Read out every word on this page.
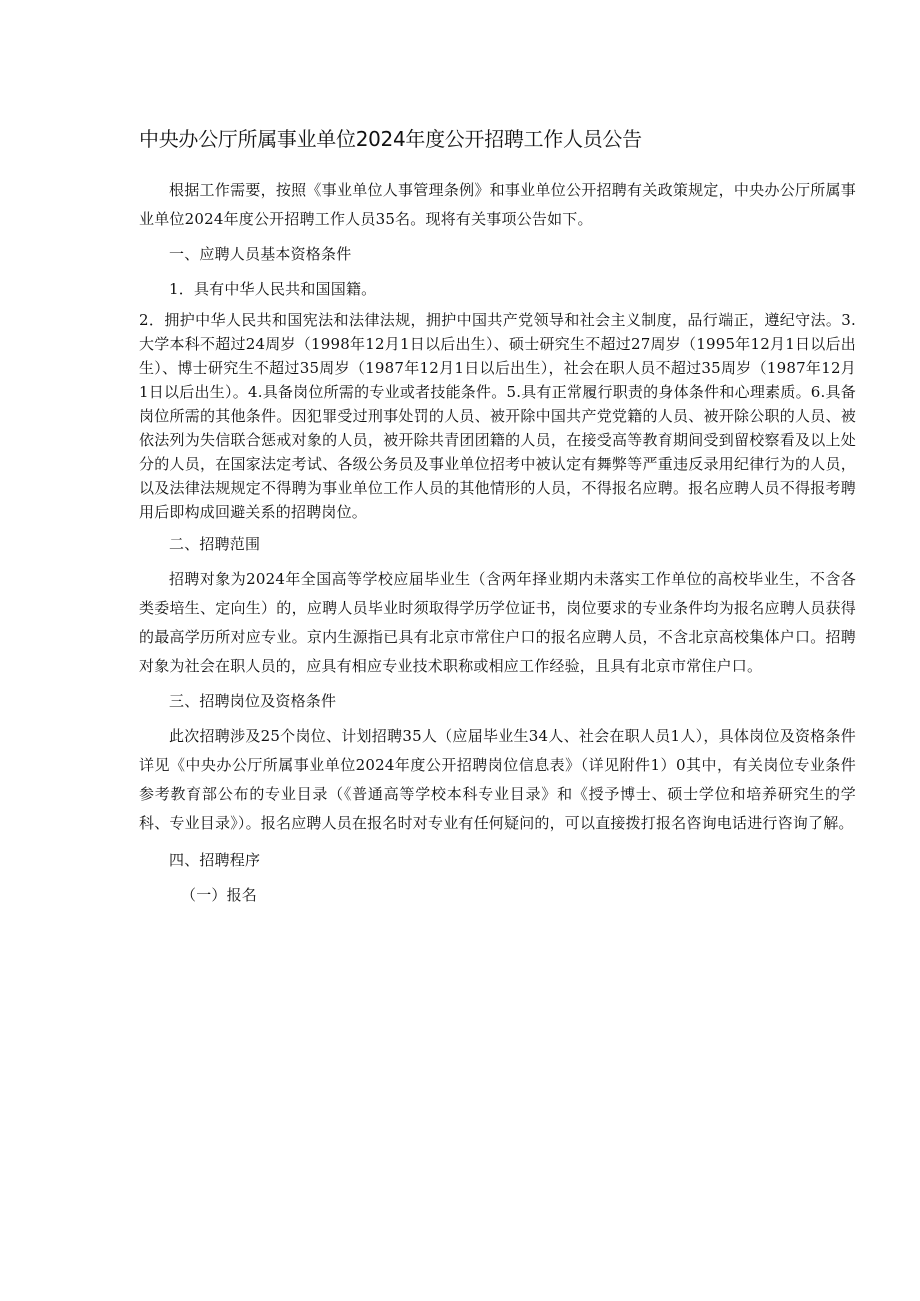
中央办公厅所属事业单位2024年度公开招聘工作人员公告

根据工作需要，按照《事业单位人事管理条例》和事业单位公开招聘有关政策规定，中央办公厅所属事业单位2024年度公开招聘工作人员35名。现将有关事项公告如下。

一、应聘人员基本资格条件

1．具有中华人民共和国国籍。

2．拥护中华人民共和国宪法和法律法规，拥护中国共产党领导和社会主义制度，品行端正，遵纪守法。3.大学本科不超过24周岁（1998年12月1日以后出生）、硕士研究生不超过27周岁（1995年12月1日以后出生）、博士研究生不超过35周岁（1987年12月1日以后出生），社会在职人员不超过35周岁（1987年12月1日以后出生）。4.具备岗位所需的专业或者技能条件。5.具有正常履行职责的身体条件和心理素质。6.具备岗位所需的其他条件。因犯罪受过刑事处罚的人员、被开除中国共产党党籍的人员、被开除公职的人员、被依法列为失信联合惩戒对象的人员，被开除共青团团籍的人员，在接受高等教育期间受到留校察看及以上处分的人员，在国家法定考试、各级公务员及事业单位招考中被认定有舞弊等严重违反录用纪律行为的人员，以及法律法规规定不得聘为事业单位工作人员的其他情形的人员，不得报名应聘。报名应聘人员不得报考聘用后即构成回避关系的招聘岗位。

二、招聘范围

招聘对象为2024年全国高等学校应届毕业生（含两年择业期内未落实工作单位的高校毕业生，不含各类委培生、定向生）的，应聘人员毕业时须取得学历学位证书，岗位要求的专业条件均为报名应聘人员获得的最高学历所对应专业。京内生源指已具有北京市常住户口的报名应聘人员，不含北京高校集体户口。招聘对象为社会在职人员的，应具有相应专业技术职称或相应工作经验，且具有北京市常住户口。

三、招聘岗位及资格条件

此次招聘涉及25个岗位、计划招聘35人（应届毕业生34人、社会在职人员1人），具体岗位及资格条件详见《中央办公厅所属事业单位2024年度公开招聘岗位信息表》（详见附件1）0其中，有关岗位专业条件参考教育部公布的专业目录（《普通高等学校本科专业目录》和《授予博士、硕士学位和培养研究生的学科、专业目录》）。报名应聘人员在报名时对专业有任何疑问的，可以直接拨打报名咨询电话进行咨询了解。

四、招聘程序

（一）报名
